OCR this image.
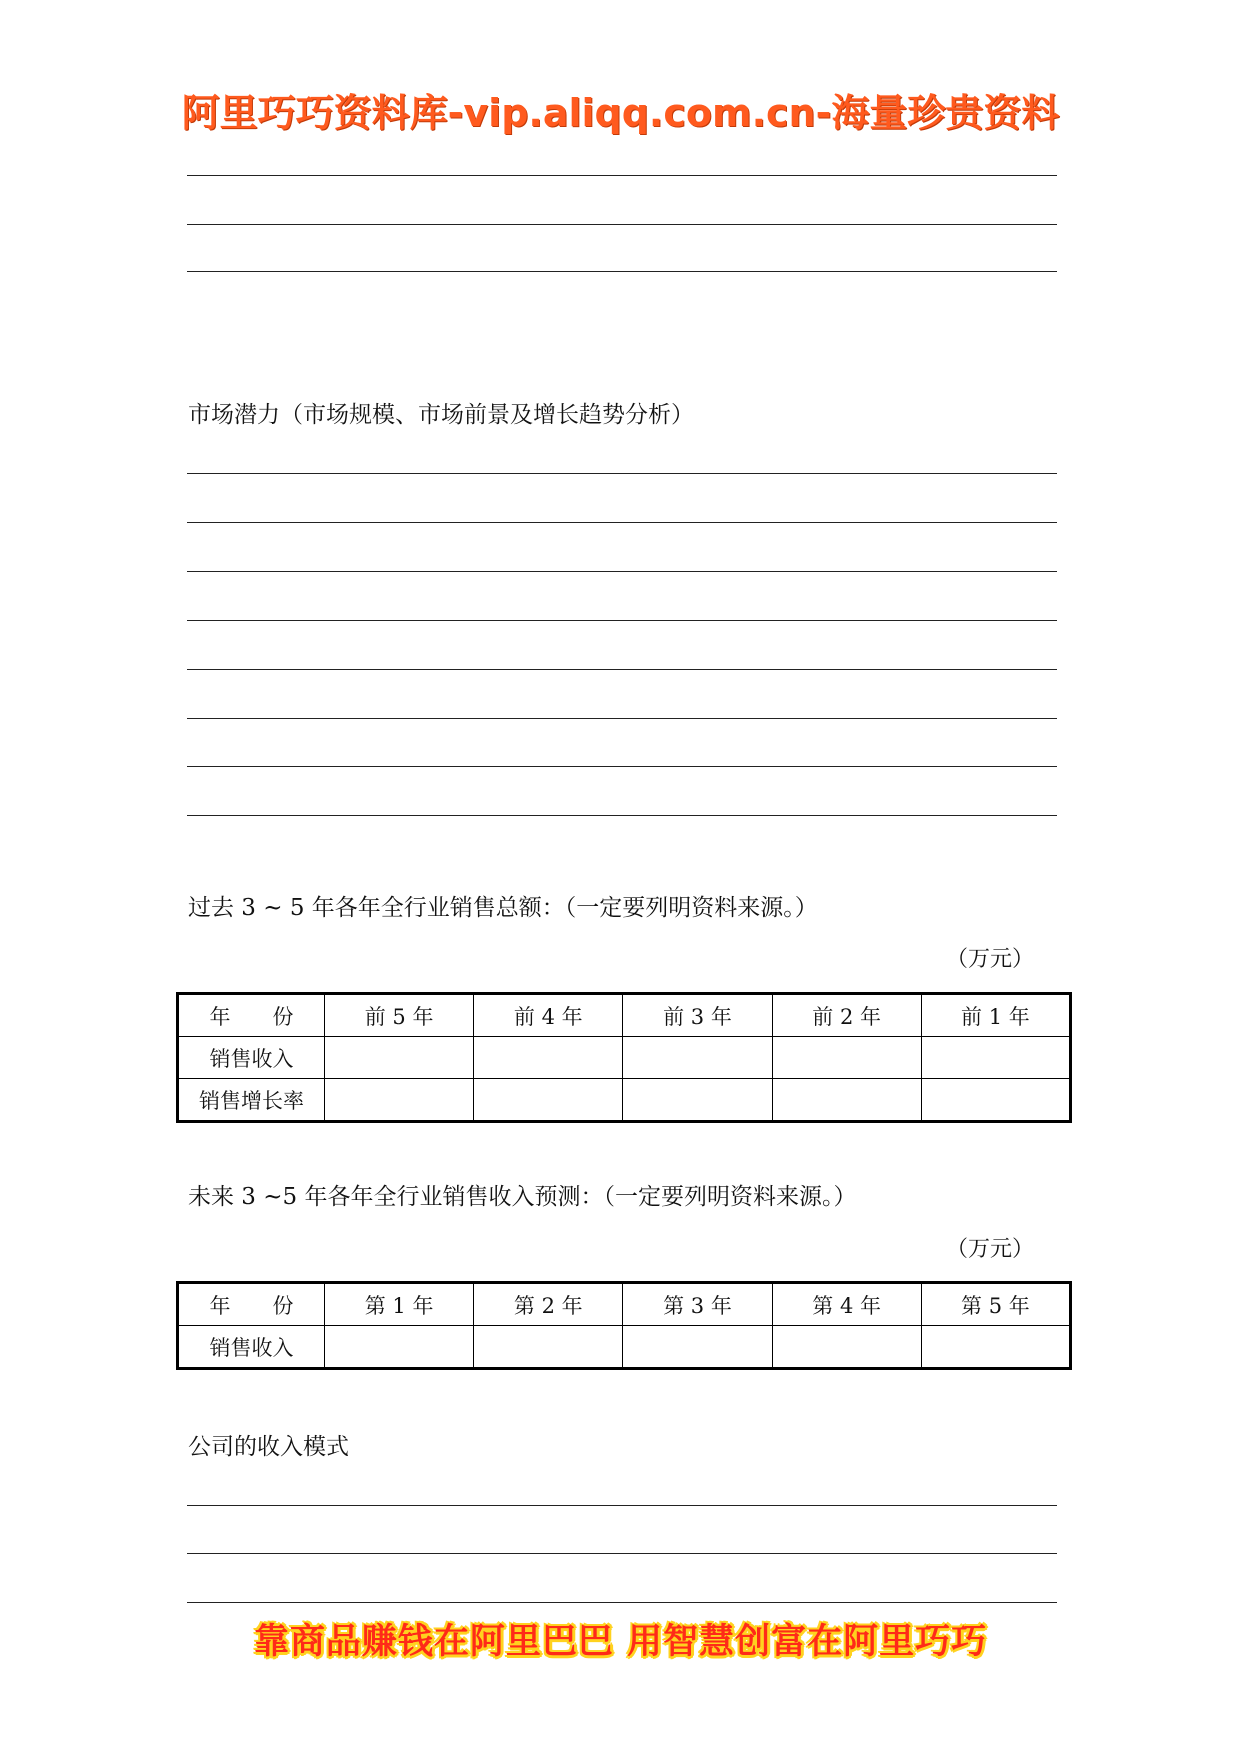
阿里巧巧资料库-vip.aliqq.com.cn-海量珍贵资料
市场潜力（市场规模、市场前景及增长趋势分析）
过去 3 ~ 5 年各年全行业销售总额：（一定要列明资料来源。）
（万元）
年　　份	前 5 年	前 4 年	前 3 年	前 2 年	前 1 年
销售收入					
销售增长率					
未来 3 ~5 年各年全行业销售收入预测：（一定要列明资料来源。）
（万元）
年　　份	第 1 年	第 2 年	第 3 年	第 4 年	第 5 年
销售收入					
公司的收入模式
靠商品赚钱在阿里巴巴 用智慧创富在阿里巧巧
